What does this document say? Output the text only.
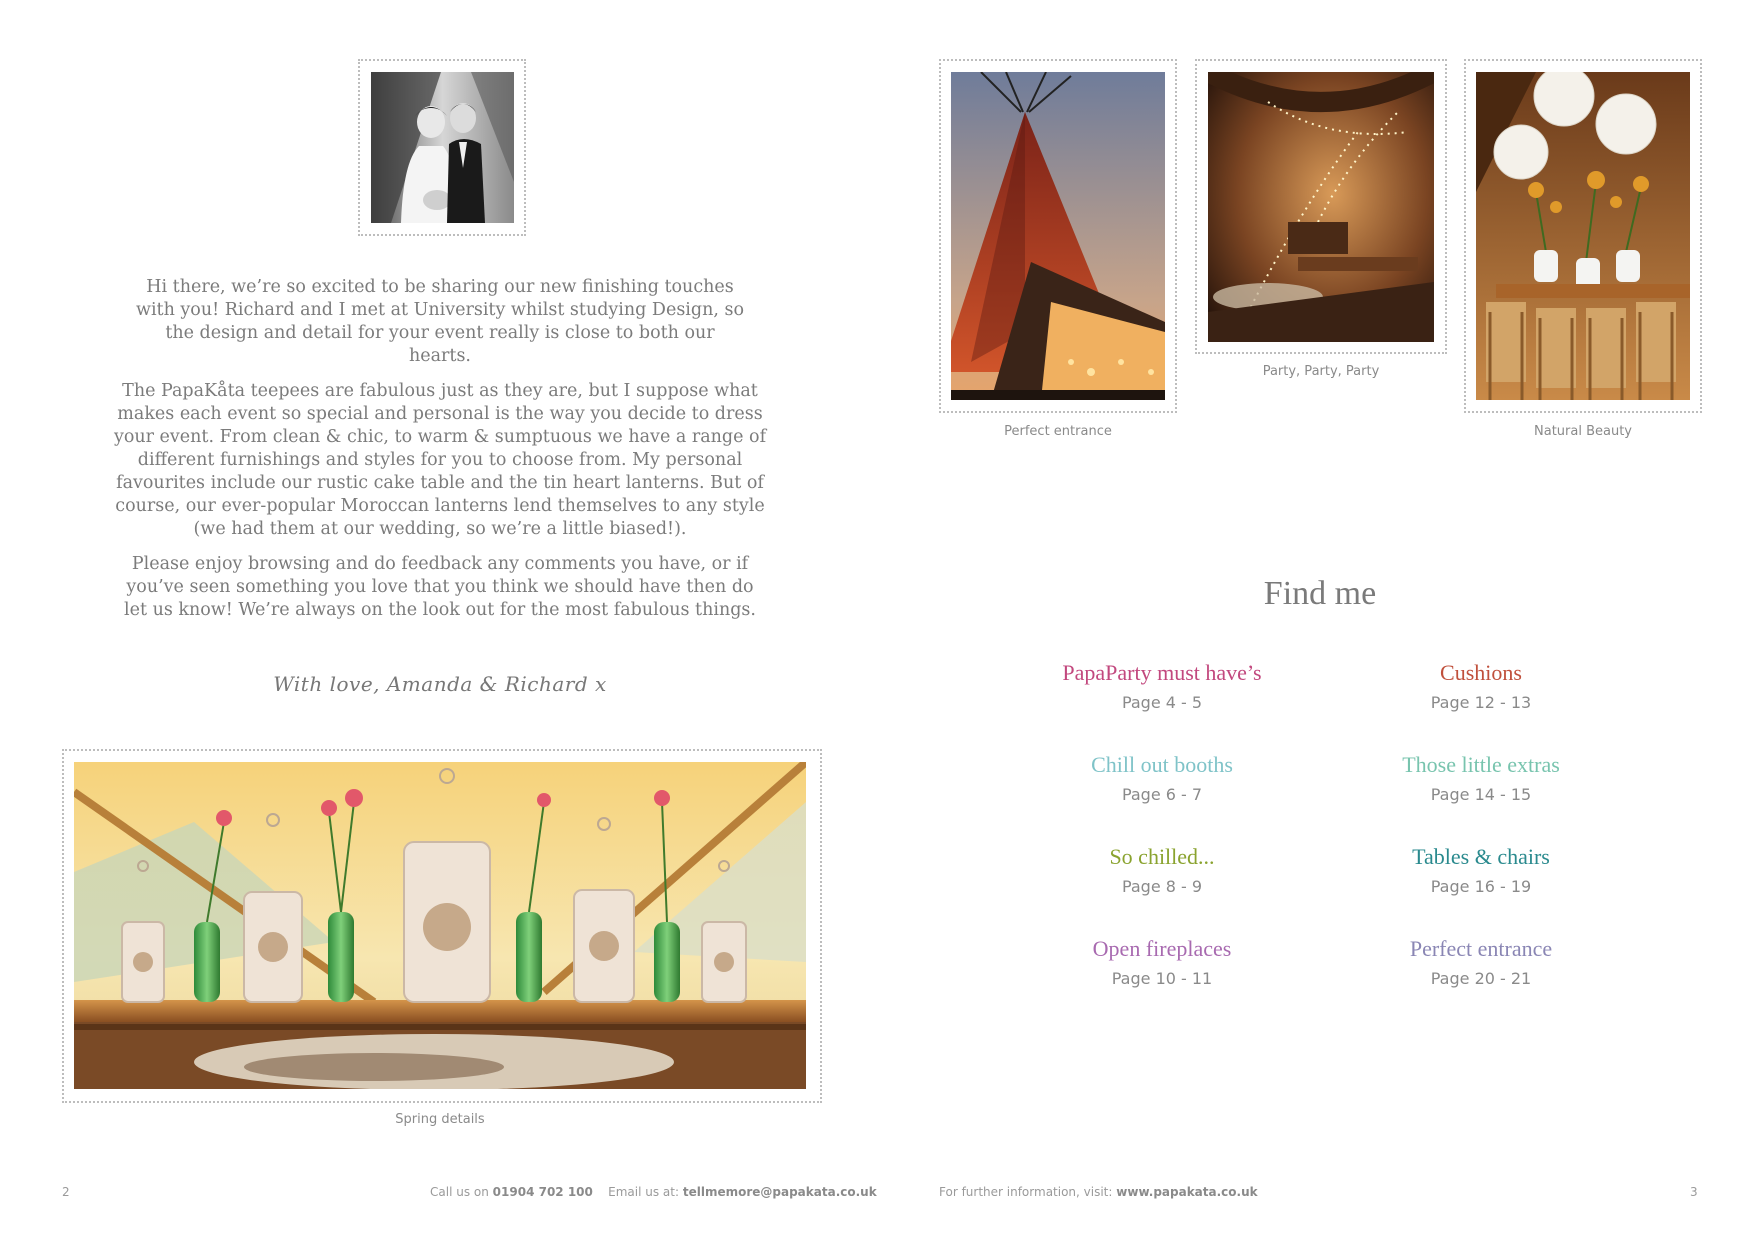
Hi there, we’re so excited to be sharing our new finishing touches with you! Richard and I met at University whilst studying Design, so the design and detail for your event really is close to both our hearts.

The PapaKåta teepees are fabulous just as they are, but I suppose what makes each event so special and personal is the way you decide to dress your event. From clean & chic, to warm & sumptuous we have a range of different furnishings and styles for you to choose from. My personal favourites include our rustic cake table and the tin heart lanterns. But of course, our ever-popular Moroccan lanterns lend themselves to any style (we had them at our wedding, so we’re a little biased!).

Please enjoy browsing and do feedback any comments you have, or if you’ve seen something you love that you think we should have then do let us know! We’re always on the look out for the most fabulous things.

With love, Amanda & Richard x
Spring details
Perfect entrance
Party, Party, Party
Natural Beauty
Find me
PapaParty must have’s
Page 4 - 5
Cushions
Page 12 - 13
Chill out booths
Page 6 - 7
Those little extras
Page 14 - 15
So chilled...
Page 8 - 9
Tables & chairs
Page 16 - 19
Open fireplaces
Page 10 - 11
Perfect entrance
Page 20 - 21
2	Call us on 01904 702 100 Email us at: tellmemore@papakata.co.uk	For further information, visit: www.papakata.co.uk	3
